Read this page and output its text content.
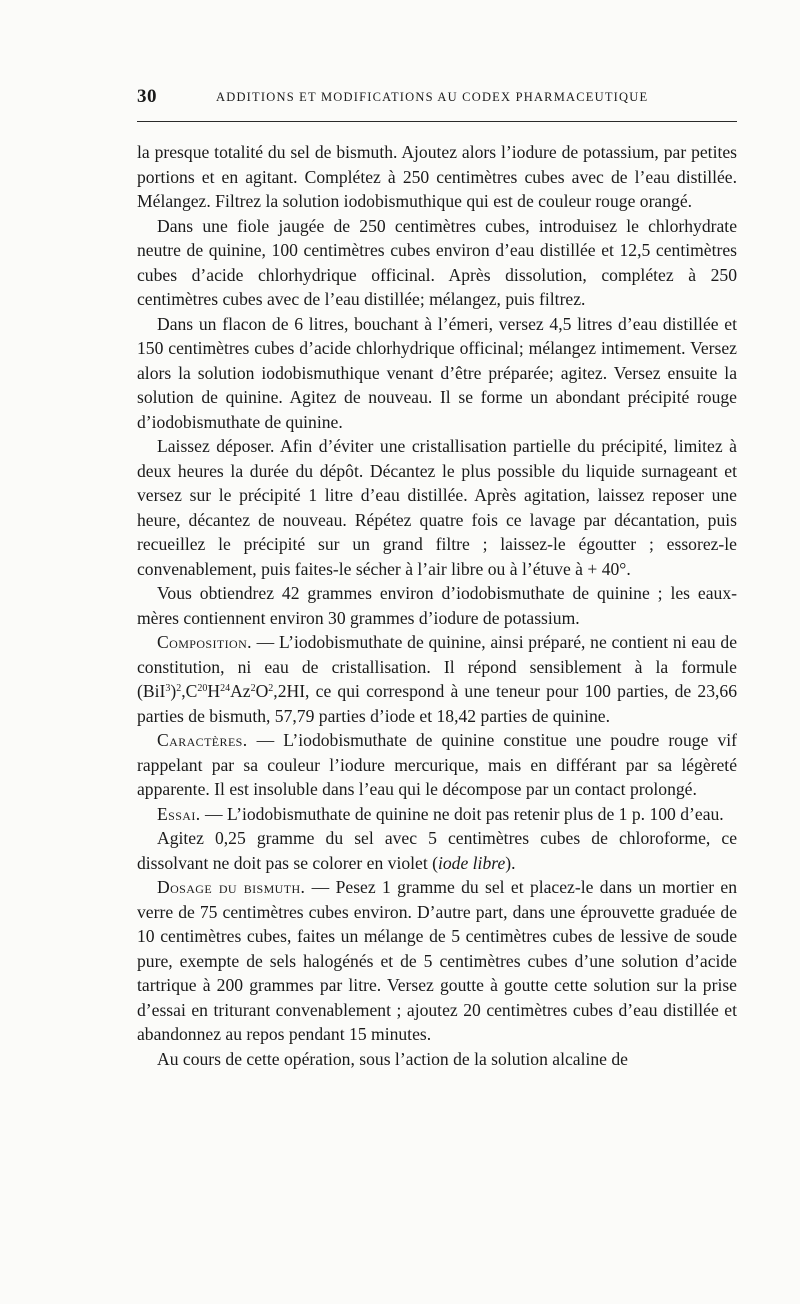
30	ADDITIONS ET MODIFICATIONS AU CODEX PHARMACEUTIQUE

la presque totalité du sel de bismuth. Ajoutez alors l’iodure de potassium, par petites portions et en agitant. Complétez à 250 centimètres cubes avec de l’eau distillée. Mélangez. Filtrez la solution iodobismuthique qui est de couleur rouge orangé.

Dans une fiole jaugée de 250 centimètres cubes, introduisez le chlorhydrate neutre de quinine, 100 centimètres cubes environ d’eau distillée et 12,5 centimètres cubes d’acide chlorhydrique officinal. Après dissolution, complétez à 250 centimètres cubes avec de l’eau distillée; mélangez, puis filtrez.

Dans un flacon de 6 litres, bouchant à l’émeri, versez 4,5 litres d’eau distillée et 150 centimètres cubes d’acide chlorhydrique officinal; mélangez intimement. Versez alors la solution iodobismuthique venant d’être préparée; agitez. Versez ensuite la solution de quinine. Agitez de nouveau. Il se forme un abondant précipité rouge d’iodobismuthate de quinine.

Laissez déposer. Afin d’éviter une cristallisation partielle du précipité, limitez à deux heures la durée du dépôt. Décantez le plus possible du liquide surnageant et versez sur le précipité 1 litre d’eau distillée. Après agitation, laissez reposer une heure, décantez de nouveau. Répétez quatre fois ce lavage par décantation, puis recueillez le précipité sur un grand filtre ; laissez-le égoutter ; essorez-le convenablement, puis faites-le sécher à l’air libre ou à l’étuve à + 40°.

Vous obtiendrez 42 grammes environ d’iodobismuthate de quinine ; les eaux-mères contiennent environ 30 grammes d’iodure de potassium.

Composition. — L’iodobismuthate de quinine, ainsi préparé, ne contient ni eau de constitution, ni eau de cristallisation. Il répond sensiblement à la formule $(BiI^3)^2,C^{20}H^{24}Az^2O^2,2HI$, ce qui correspond à une teneur pour 100 parties, de 23,66 parties de bismuth, 57,79 parties d’iode et 18,42 parties de quinine.

Caractères. — L’iodobismuthate de quinine constitue une poudre rouge vif rappelant par sa couleur l’iodure mercurique, mais en différant par sa légèreté apparente. Il est insoluble dans l’eau qui le décompose par un contact prolongé.

Essai. — L’iodobismuthate de quinine ne doit pas retenir plus de 1 p. 100 d’eau.

Agitez 0,25 gramme du sel avec 5 centimètres cubes de chloroforme, ce dissolvant ne doit pas se colorer en violet (iode libre).

Dosage du bismuth. — Pesez 1 gramme du sel et placez-le dans un mortier en verre de 75 centimètres cubes environ. D’autre part, dans une éprouvette graduée de 10 centimètres cubes, faites un mélange de 5 centimètres cubes de lessive de soude pure, exempte de sels halogénés et de 5 centimètres cubes d’une solution d’acide tartrique à 200 grammes par litre. Versez goutte à goutte cette solution sur la prise d’essai en triturant convenablement ; ajoutez 20 centimètres cubes d’eau distillée et abandonnez au repos pendant 15 minutes.

Au cours de cette opération, sous l’action de la solution alcaline de
